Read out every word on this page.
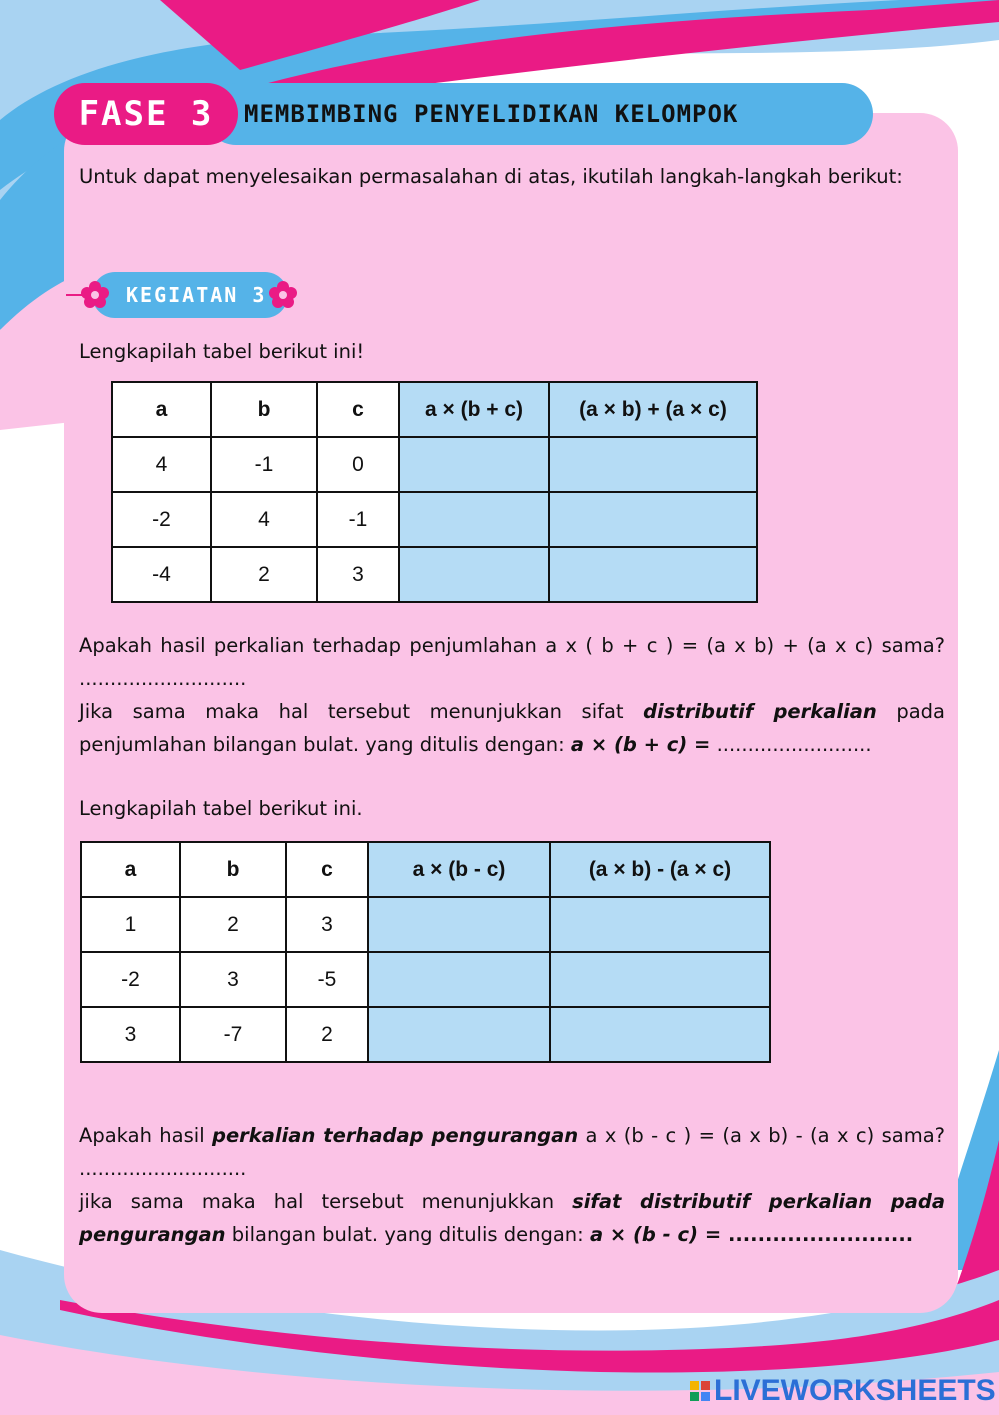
FASE 3	MEMBIMBING PENYELIDIKAN KELOMPOK
Untuk dapat menyelesaikan permasalahan di atas, ikutilah langkah-langkah berikut:
KEGIATAN 3
Lengkapilah tabel berikut ini!
a	b	c	a × (b + c)	(a × b) + (a × c)
4	-1	0		
-2	4	-1		
-4	2	3		
Apakah hasil perkalian terhadap penjumlahan a x ( b + c ) = (a x b) + (a x c) sama? ...........................
Jika sama maka hal tersebut menunjukkan sifat distributif perkalian pada penjumlahan bilangan bulat. yang ditulis dengan: a × (b + c) = .........................
Lengkapilah tabel berikut ini.
a	b	c	a × (b - c)	(a × b) - (a × c)
1	2	3		
-2	3	-5		
3	-7	2		
Apakah hasil perkalian terhadap pengurangan a x (b - c ) = (a x b) - (a x c) sama? ...........................
jika sama maka hal tersebut menunjukkan sifat distributif perkalian pada pengurangan bilangan bulat. yang ditulis dengan: a × (b - c) = .........................
LIVEWORKSHEETS
